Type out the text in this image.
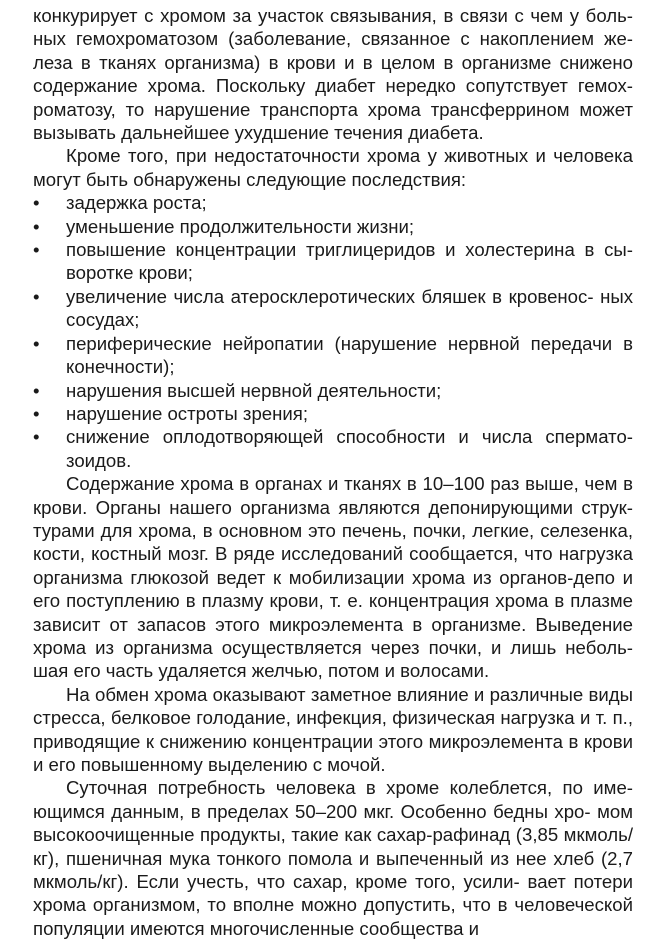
конкурирует с хромом за участок связывания, в связи с чем у боль- ных гемохроматозом (заболевание, связанное с накоплением же- леза в тканях организма) в крови и в целом в организме снижено содержание хрома. Поскольку диабет нередко сопутствует гемох- роматозу, то нарушение транспорта хрома трансферрином может вызывать дальнейшее ухудшение течения диабета.

Кроме того, при недостаточности хрома у животных и человека могут быть обнаружены следующие последствия:

• задержка роста;
• уменьшение продолжительности жизни;
• повышение концентрации триглицеридов и холестерина в сы- воротке крови;
• увеличение числа атеросклеротических бляшек в кровенос- ных сосудах;
• периферические нейропатии (нарушение нервной передачи в конечности);
• нарушения высшей нервной деятельности;
• нарушение остроты зрения;
• снижение оплодотворяющей способности и числа спермато- зоидов.

Содержание хрома в органах и тканях в 10–100 раз выше, чем в крови. Органы нашего организма являются депонирующими струк- турами для хрома, в основном это печень, почки, легкие, селезенка, кости, костный мозг. В ряде исследований сообщается, что нагрузка организма глюкозой ведет к мобилизации хрома из органов-депо и его поступлению в плазму крови, т. е. концентрация хрома в плазме зависит от запасов этого микроэлемента в организме. Выведение хрома из организма осуществляется через почки, и лишь неболь- шая его часть удаляется желчью, потом и волосами.

На обмен хрома оказывают заметное влияние и различные виды стресса, белковое голодание, инфекция, физическая нагрузка и т. п., приводящие к снижению концентрации этого микроэлемента в крови и его повышенному выделению с мочой.

Суточная потребность человека в хроме колеблется, по име- ющимся данным, в пределах 50–200 мкг. Особенно бедны хро- мом высокоочищенные продукты, такие как сахар-рафинад (3,85 мкмоль/ кг), пшеничная мука тонкого помола и выпеченный из нее хлеб (2,7 мкмоль/кг). Если учесть, что сахар, кроме того, усили- вает потери хрома организмом, то вполне можно допустить, что в человеческой популяции имеются многочисленные сообщества и
